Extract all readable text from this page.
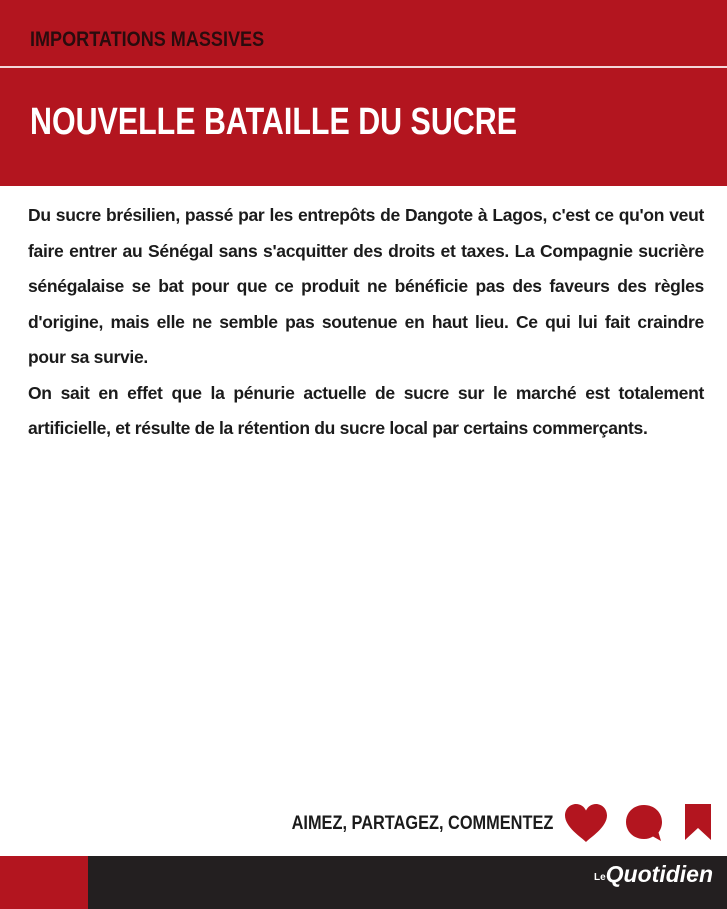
IMPORTATIONS MASSIVES
NOUVELLE BATAILLE DU SUCRE

Du sucre brésilien, passé par les entrepôts de Dangote à Lagos, c'est ce qu'on veut faire entrer au Sénégal sans s'acquitter des droits et taxes. La Compagnie sucrière sénégalaise se bat pour que ce produit ne bénéficie pas des faveurs des règles d'origine, mais elle ne semble pas soutenue en haut lieu. Ce qui lui fait craindre pour sa survie.

On sait en effet que la pénurie actuelle de sucre sur le marché est totalement artificielle, et résulte de la rétention du sucre local par certains commerçants.

AIMEZ, PARTAGEZ, COMMENTEZ
LeQuotidien
